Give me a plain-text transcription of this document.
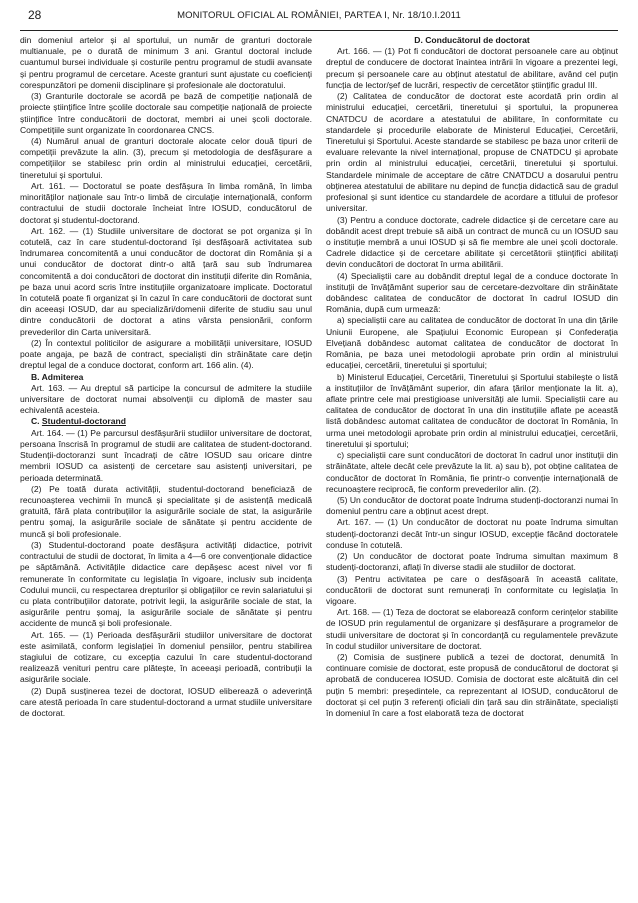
28	MONITORUL OFICIAL AL ROMÂNIEI, PARTEA I, Nr. 18/10.I.2011

din domeniul artelor și al sportului, un număr de granturi doctorale multianuale, pe o durată de minimum 3 ani. Grantul doctoral include cuantumul bursei individuale și costurile pentru programul de studii avansate și pentru programul de cercetare. Aceste granturi sunt ajustate cu coeficienți corespunzători pe domenii disciplinare și profesionale ale doctoratului.

(3) Granturile doctorale se acordă pe bază de competiție națională de proiecte științifice între școlile doctorale sau competiție națională de proiecte științifice între conducătorii de doctorat, membri ai unei școli doctorale. Competițiile sunt organizate în coordonarea CNCS.

(4) Numărul anual de granturi doctorale alocate celor două tipuri de competiții prevăzute la alin. (3), precum și metodologia de desfășurare a competițiilor se stabilesc prin ordin al ministrului educației, cercetării, tineretului și sportului.

Art. 161. — Doctoratul se poate desfășura în limba română, în limba minorităților naționale sau într-o limbă de circulație internațională, conform contractului de studii doctorale încheiat între IOSUD, conducătorul de doctorat și studentul-doctorand.

Art. 162. — (1) Studiile universitare de doctorat se pot organiza și în cotutelă, caz în care studentul-doctorand își desfășoară activitatea sub îndrumarea concomitentă a unui conducător de doctorat din România și a unui conducător de doctorat dintr-o altă țară sau sub îndrumarea concomitentă a doi conducători de doctorat din instituții diferite din România, pe baza unui acord scris între instituțiile organizatoare implicate. Doctoratul în cotutelă poate fi organizat și în cazul în care conducătorii de doctorat sunt din aceeași IOSUD, dar au specializări/domenii diferite de studiu sau unul dintre conducătorii de doctorat a atins vârsta pensionării, conform prevederilor din Carta universitară.

(2) În contextul politicilor de asigurare a mobilității universitare, IOSUD poate angaja, pe bază de contract, specialiști din străinătate care dețin dreptul legal de a conduce doctorat, conform art. 166 alin. (4).

B. Admiterea

Art. 163. — Au dreptul să participe la concursul de admitere la studiile universitare de doctorat numai absolvenții cu diplomă de master sau echivalentă acesteia.

C. Studentul-doctorand

Art. 164. — (1) Pe parcursul desfășurării studiilor universitare de doctorat, persoana înscrisă în programul de studii are calitatea de student-doctorand. Studenții-doctoranzi sunt încadrați de către IOSUD sau oricare dintre membrii IOSUD ca asistenți de cercetare sau asistenți universitari, pe perioada determinată.

(2) Pe toată durata activității, studentul-doctorand beneficiază de recunoașterea vechimii în muncă și specialitate și de asistență medicală gratuită, fără plata contribuțiilor la asigurările sociale de stat, la asigurările pentru șomaj, la asigurările sociale de sănătate și pentru accidente de muncă și boli profesionale.

(3) Studentul-doctorand poate desfășura activități didactice, potrivit contractului de studii de doctorat, în limita a 4—6 ore convenționale didactice pe săptămână. Activitățile didactice care depășesc acest nivel vor fi remunerate în conformitate cu legislația în vigoare, inclusiv sub incidența Codului muncii, cu respectarea drepturilor și obligațiilor ce revin salariatului și cu plata contribuțiilor datorate, potrivit legii, la asigurările sociale de stat, la asigurările pentru șomaj, la asigurările sociale de sănătate și pentru accidente de muncă și boli profesionale.

Art. 165. — (1) Perioada desfășurării studiilor universitare de doctorat este asimilată, conform legislației în domeniul pensiilor, pentru stabilirea stagiului de cotizare, cu excepția cazului în care studentul-doctorand realizează venituri pentru care plătește, în aceeași perioadă, contribuții la asigurările sociale.

(2) După susținerea tezei de doctorat, IOSUD eliberează o adeverință care atestă perioada în care studentul-doctorand a urmat studiile universitare de doctorat.

D. Conducătorul de doctorat

Art. 166. — (1) Pot fi conducători de doctorat persoanele care au obținut dreptul de conducere de doctorat înaintea intrării în vigoare a prezentei legi, precum și persoanele care au obținut atestatul de abilitare, având cel puțin funcția de lector/șef de lucrări, respectiv de cercetător științific gradul III.

(2) Calitatea de conducător de doctorat este acordată prin ordin al ministrului educației, cercetării, tineretului și sportului, la propunerea CNATDCU de acordare a atestatului de abilitare, în conformitate cu standardele și procedurile elaborate de Ministerul Educației, Cercetării, Tineretului și Sportului. Aceste standarde se stabilesc pe baza unor criterii de evaluare relevante la nivel internațional, propuse de CNATDCU și aprobate prin ordin al ministrului educației, cercetării, tineretului și sportului. Standardele minimale de acceptare de către CNATDCU a dosarului pentru obținerea atestatului de abilitare nu depind de funcția didactică sau de gradul profesional și sunt identice cu standardele de acordare a titlului de profesor universitar.

(3) Pentru a conduce doctorate, cadrele didactice și de cercetare care au dobândit acest drept trebuie să aibă un contract de muncă cu un IOSUD sau o instituție membră a unui IOSUD și să fie membre ale unei școli doctorale. Cadrele didactice și de cercetare abilitate și cercetătorii științifici abilitați devin conducători de doctorat în urma abilitării.

(4) Specialiștii care au dobândit dreptul legal de a conduce doctorate în instituții de învățământ superior sau de cercetare-dezvoltare din străinătate dobândesc calitatea de conducător de doctorat în cadrul IOSUD din România, după cum urmează:

a) specialiștii care au calitatea de conducător de doctorat în una din țările Uniunii Europene, ale Spațiului Economic European și Confederația Elvețiană dobândesc automat calitatea de conducător de doctorat în România, pe baza unei metodologii aprobate prin ordin al ministrului educației, cercetării, tineretului și sportului;

b) Ministerul Educației, Cercetării, Tineretului și Sportului stabilește o listă a instituțiilor de învățământ superior, din afara țărilor menționate la lit. a), aflate printre cele mai prestigioase universități ale lumii. Specialiștii care au calitatea de conducător de doctorat în una din instituțiile aflate pe această listă dobândesc automat calitatea de conducător de doctorat în România, în urma unei metodologii aprobate prin ordin al ministrului educației, cercetării, tineretului și sportului;

c) specialiștii care sunt conducători de doctorat în cadrul unor instituții din străinătate, altele decât cele prevăzute la lit. a) sau b), pot obține calitatea de conducător de doctorat în România, fie printr-o convenție internațională de recunoaștere reciprocă, fie conform prevederilor alin. (2).

(5) Un conducător de doctorat poate îndruma studenți-doctoranzi numai în domeniul pentru care a obținut acest drept.

Art. 167. — (1) Un conducător de doctorat nu poate îndruma simultan studenți-doctoranzi decât într-un singur IOSUD, excepție făcând doctoratele conduse în cotutelă.

(2) Un conducător de doctorat poate îndruma simultan maximum 8 studenți-doctoranzi, aflați în diverse stadii ale studiilor de doctorat.

(3) Pentru activitatea pe care o desfășoară în această calitate, conducătorii de doctorat sunt remunerați în conformitate cu legislația în vigoare.

Art. 168. — (1) Teza de doctorat se elaborează conform cerințelor stabilite de IOSUD prin regulamentul de organizare și desfășurare a programelor de studii universitare de doctorat și în concordanță cu regulamentele prevăzute în codul studiilor universitare de doctorat.

(2) Comisia de susținere publică a tezei de doctorat, denumită în continuare comisie de doctorat, este propusă de conducătorul de doctorat și aprobată de conducerea IOSUD. Comisia de doctorat este alcătuită din cel puțin 5 membri: președintele, ca reprezentant al IOSUD, conducătorul de doctorat și cel puțin 3 referenți oficiali din țară sau din străinătate, specialiști în domeniul în care a fost elaborată teza de doctorat
